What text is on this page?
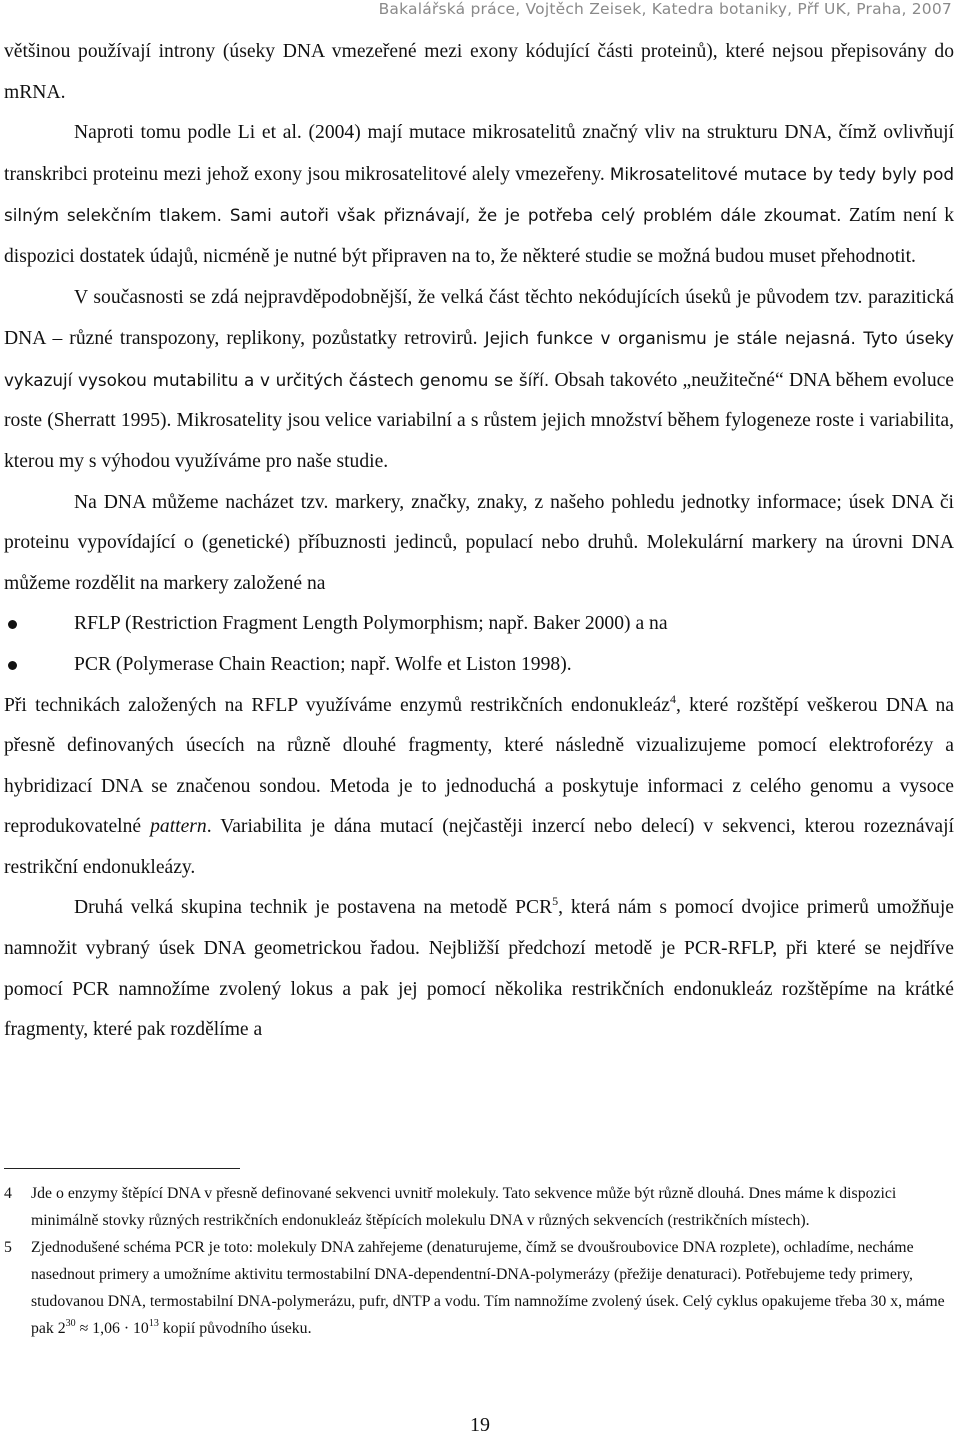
Bakalářská práce, Vojtěch Zeisek, Katedra botaniky, Přf UK, Praha, 2007

většinou používají introny (úseky DNA vmezeřené mezi exony kódující části proteinů), které nejsou přepisovány do mRNA.

Naproti tomu podle Li et al. (2004) mají mutace mikrosatelitů značný vliv na strukturu DNA, čímž ovlivňují transkribci proteinu mezi jehož exony jsou mikrosatelitové alely vmezeřeny. Mikrosatelitové mutace by tedy byly pod silným selekčním tlakem. Sami autoři však přiznávají, že je potřeba celý problém dále zkoumat. Zatím není k dispozici dostatek údajů, nicméně je nutné být připraven na to, že některé studie se možná budou muset přehodnotit.

V současnosti se zdá nejpravděpodobnější, že velká část těchto nekódujících úseků je původem tzv. parazitická DNA – různé transpozony, replikony, pozůstatky retrovirů. Jejich funkce v organismu je stále nejasná. Tyto úseky vykazují vysokou mutabilitu a v určitých částech genomu se šíří. Obsah takovéto „neužitečné“ DNA během evoluce roste (Sherratt 1995). Mikrosatelity jsou velice variabilní a s růstem jejich množství během fylogeneze roste i variabilita, kterou my s výhodou využíváme pro naše studie.

Na DNA můžeme nacházet tzv. markery, značky, znaky, z našeho pohledu jednotky informace; úsek DNA či proteinu vypovídající o (genetické) příbuznosti jedinců, populací nebo druhů. Molekulární markery na úrovni DNA můžeme rozdělit na markery založené na

RFLP (Restriction Fragment Length Polymorphism; např. Baker 2000) a na
PCR (Polymerase Chain Reaction; např. Wolfe et Liston 1998).

Při technikách založených na RFLP využíváme enzymů restrikčních endonukleáz$^4$, které rozštěpí veškerou DNA na přesně definovaných úsecích na různě dlouhé fragmenty, které následně vizualizujeme pomocí elektroforézy a hybridizací DNA se značenou sondou. Metoda je to jednoduchá a poskytuje informaci z celého genomu a vysoce reprodukovatelné pattern. Variabilita je dána mutací (nejčastěji inzercí nebo delecí) v sekvenci, kterou rozeznávají restrikční endonukleázy.

Druhá velká skupina technik je postavena na metodě PCR$^5$, která nám s pomocí dvojice primerů umožňuje namnožit vybraný úsek DNA geometrickou řadou. Nejbližší předchozí metodě je PCR-RFLP, při které se nejdříve pomocí PCR namnožíme zvolený lokus a pak jej pomocí několika restrikčních endonukleáz rozštěpíme na krátké fragmenty, které pak rozdělíme a

4 Jde o enzymy štěpící DNA v přesně definované sekvenci uvnitř molekuly. Tato sekvence může být různě dlouhá. Dnes máme k dispozici minimálně stovky různých restrikčních endonukleáz štěpících molekulu DNA v různých sekvencích (restrikčních místech).
5 Zjednodušené schéma PCR je toto: molekuly DNA zahřejeme (denaturujeme, čímž se dvoušroubovice DNA rozplete), ochladíme, necháme nasednout primery a umožníme aktivitu termostabilní DNA-dependentní-DNA-polymerázy (přežije denaturaci). Potřebujeme tedy primery, studovanou DNA, termostabilní DNA-polymerázu, pufr, dNTP a vodu. Tím namnožíme zvolený úsek. Celý cyklus opakujeme třeba 30 x, máme pak $2^{30} \approx 1,06 \cdot 10^{13}$ kopií původního úseku.
19
